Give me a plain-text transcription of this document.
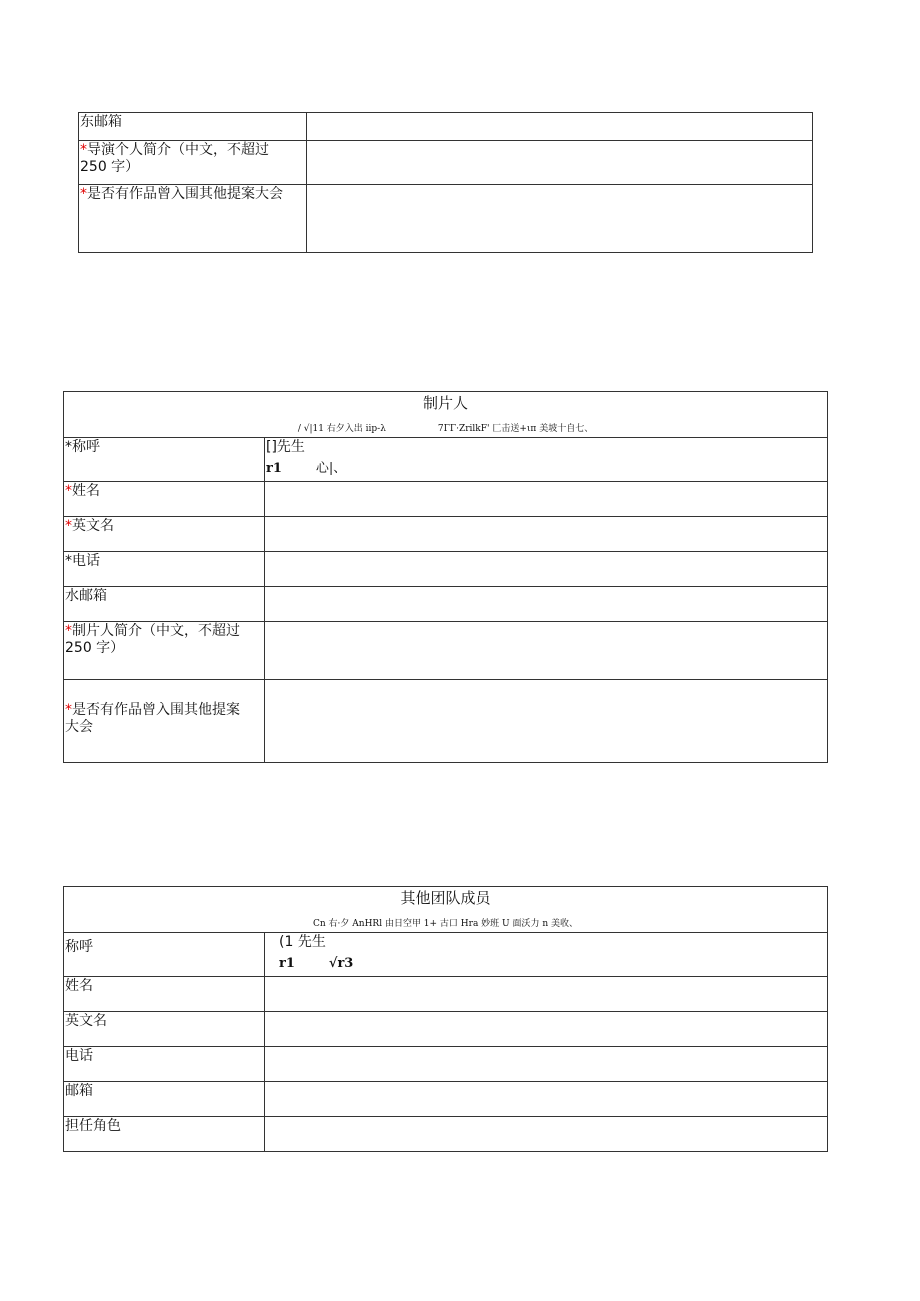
东邮箱	
*导演个人简介（中文，不超过
250 字）	
*是否有作品曾入围其他提案大会	
制片人
/ √|11 右夕入出 iip-λ 7ΓΓ·ZrilkF' 匚击送+ιπ 美坡十自七、	

*称呼	[]先生
r1 心|、

*姓名	
*英文名	
*电话	
水邮箱	
*制片人简介（中文，不超过
250 字）	
*是否有作品曾入围其他提案
大会	
其他团队成员
Cn 右·夕 AnHRl 由日空甲 1+ 古口 Hra 妙班 U 面沃力 n 美收、	

称呼	(1 先生
r1 √r3

姓名	
英文名	
电话	
邮箱	
担任角色	
